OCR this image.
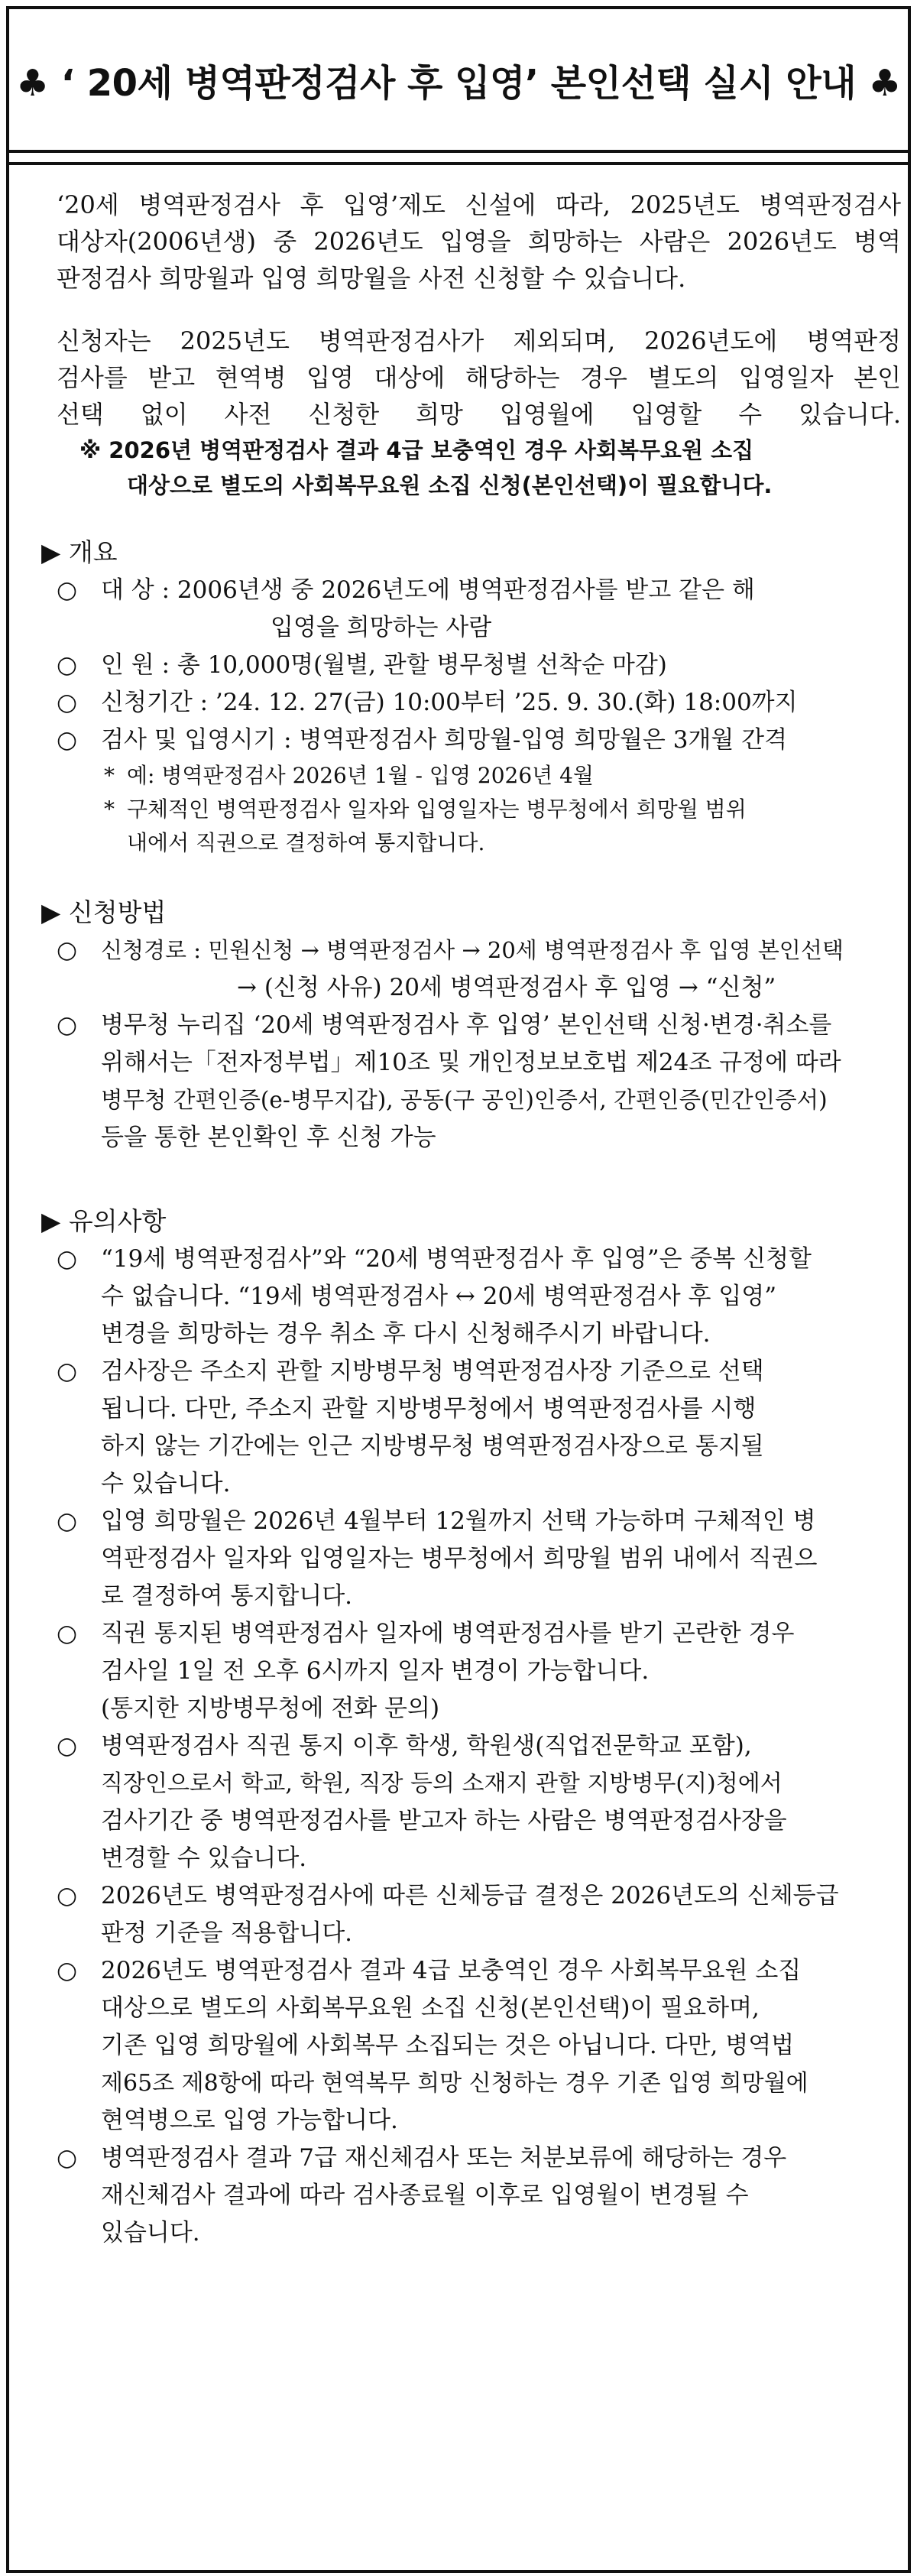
♣ ‘ 20세 병역판정검사 후 입영’ 본인선택 실시 안내 ♣
‘20세 병역판정검사 후 입영’제도 신설에 따라, 2025년도 병역판정검사
대상자(2006년생) 중 2026년도 입영을 희망하는 사람은 2026년도 병역
판정검사 희망월과 입영 희망월을 사전 신청할 수 있습니다.
신청자는 2025년도 병역판정검사가 제외되며, 2026년도에 병역판정
검사를 받고 현역병 입영 대상에 해당하는 경우 별도의 입영일자 본인
선택 없이 사전 신청한 희망 입영월에 입영할 수 있습니다.
※ 2026년 병역판정검사 결과 4급 보충역인 경우 사회복무요원 소집
대상으로 별도의 사회복무요원 소집 신청(본인선택)이 필요합니다.
▶ 개요
○ 대 상 : 2006년생 중 2026년도에 병역판정검사를 받고 같은 해
입영을 희망하는 사람
○ 인 원 : 총 10,000명(월별, 관할 병무청별 선착순 마감)
○ 신청기간 : ’24. 12. 27(금) 10:00부터 ’25. 9. 30.(화) 18:00까지
○ 검사 및 입영시기 : 병역판정검사 희망월-입영 희망월은 3개월 간격
* 예: 병역판정검사 2026년 1월 - 입영 2026년 4월
* 구체적인 병역판정검사 일자와 입영일자는 병무청에서 희망월 범위
내에서 직권으로 결정하여 통지합니다.
▶ 신청방법
○ 신청경로 : 민원신청 → 병역판정검사 → 20세 병역판정검사 후 입영 본인선택
→ (신청 사유) 20세 병역판정검사 후 입영 → “신청”
○ 병무청 누리집 ‘20세 병역판정검사 후 입영’ 본인선택 신청·변경·취소를
위해서는「전자정부법」제10조 및 개인정보보호법 제24조 규정에 따라
병무청 간편인증(e-병무지갑), 공동(구 공인)인증서, 간편인증(민간인증서)
등을 통한 본인확인 후 신청 가능
▶ 유의사항
○ “19세 병역판정검사”와 “20세 병역판정검사 후 입영”은 중복 신청할
수 없습니다. “19세 병역판정검사 ↔ 20세 병역판정검사 후 입영”
변경을 희망하는 경우 취소 후 다시 신청해주시기 바랍니다.
○ 검사장은 주소지 관할 지방병무청 병역판정검사장 기준으로 선택
됩니다. 다만, 주소지 관할 지방병무청에서 병역판정검사를 시행
하지 않는 기간에는 인근 지방병무청 병역판정검사장으로 통지될
수 있습니다.
○ 입영 희망월은 2026년 4월부터 12월까지 선택 가능하며 구체적인 병
역판정검사 일자와 입영일자는 병무청에서 희망월 범위 내에서 직권으
로 결정하여 통지합니다.
○ 직권 통지된 병역판정검사 일자에 병역판정검사를 받기 곤란한 경우
검사일 1일 전 오후 6시까지 일자 변경이 가능합니다.
(통지한 지방병무청에 전화 문의)
○ 병역판정검사 직권 통지 이후 학생, 학원생(직업전문학교 포함),
직장인으로서 학교, 학원, 직장 등의 소재지 관할 지방병무(지)청에서
검사기간 중 병역판정검사를 받고자 하는 사람은 병역판정검사장을
변경할 수 있습니다.
○ 2026년도 병역판정검사에 따른 신체등급 결정은 2026년도의 신체등급
판정 기준을 적용합니다.
○ 2026년도 병역판정검사 결과 4급 보충역인 경우 사회복무요원 소집
대상으로 별도의 사회복무요원 소집 신청(본인선택)이 필요하며,
기존 입영 희망월에 사회복무 소집되는 것은 아닙니다. 다만, 병역법
제65조 제8항에 따라 현역복무 희망 신청하는 경우 기존 입영 희망월에
현역병으로 입영 가능합니다.
○ 병역판정검사 결과 7급 재신체검사 또는 처분보류에 해당하는 경우
재신체검사 결과에 따라 검사종료월 이후로 입영월이 변경될 수
있습니다.
